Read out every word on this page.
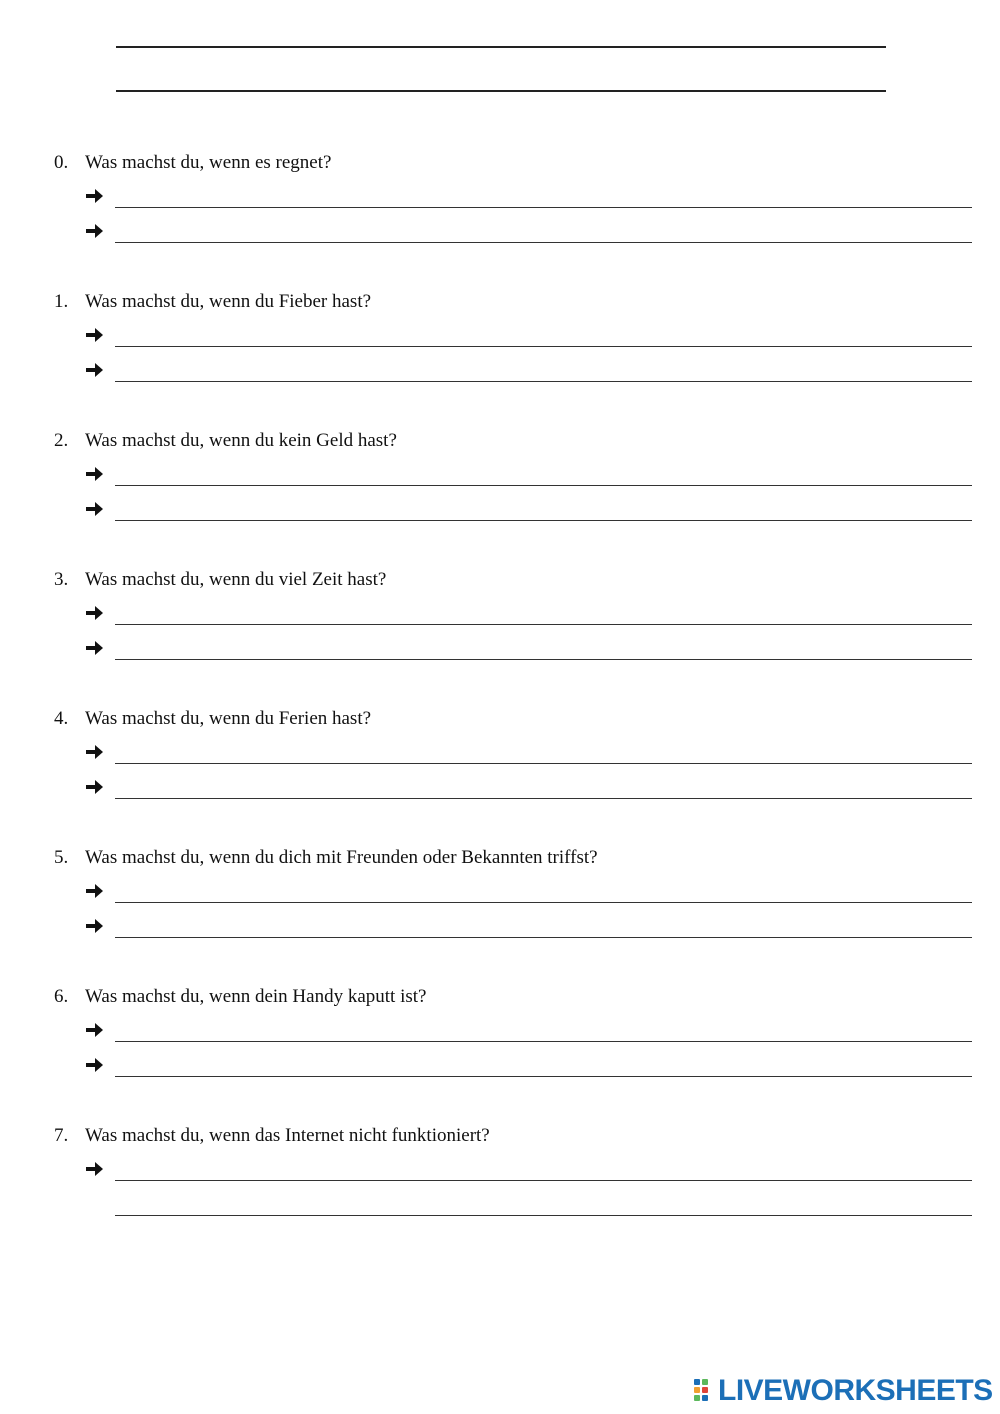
0. Was machst du, wenn es regnet?
1. Was machst du, wenn du Fieber hast?
2. Was machst du, wenn du kein Geld hast?
3. Was machst du, wenn du viel Zeit hast?
4. Was machst du, wenn du Ferien hast?
5. Was machst du, wenn du dich mit Freunden oder Bekannten triffst?
6. Was machst du, wenn dein Handy kaputt ist?
7. Was machst du, wenn das Internet nicht funktioniert?
LIVEWORKSHEETS
